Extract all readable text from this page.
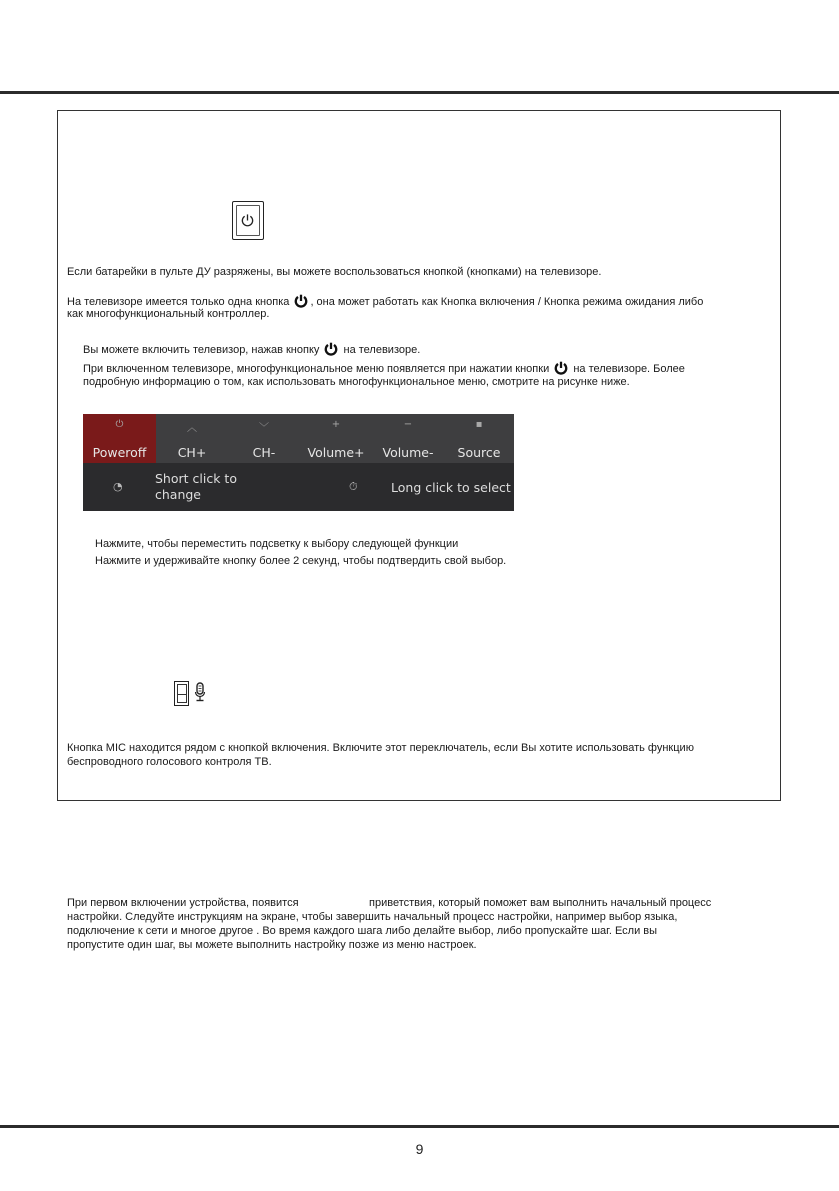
Если батарейки в пульте ДУ разряжены, вы можете воспользоваться кнопкой (кнопками) на телевизоре.
На телевизоре имеется только одна кнопка , она может работать как Кнопка включения / Кнопка режима ожидания либо
как многофункциональный контроллер.
Вы можете включить телевизор, нажав кнопку на телевизоре.
При включенном телевизоре, многофункциональное меню появляется при нажатии кнопки на телевизоре. Более
подробную информацию о том, как использовать многофункциональное меню, смотрите на рисунке ниже.
⏻
Poweroff
︿
CH+
﹀
CH-
+
Volume+
−
Volume-
▪
Source
◔
Short click to
change
⏱	Long click to select
Нажмите, чтобы переместить подсветку к выбору следующей функции
Нажмите и удерживайте кнопку более 2 секунд, чтобы подтвердить свой выбор.
Кнопка MIC находится рядом с кнопкой включения. Включите этот переключатель, если Вы хотите использовать функцию
беспроводного голосового контроля ТВ.
При первом включении устройства, появится	приветствия, который поможет вам выполнить начальный процесс
настройки. Следуйте инструкциям на экране, чтобы завершить начальный процесс настройки, например выбор языка,
подключение к сети и многое другое . Во время каждого шага либо делайте выбор, либо пропускайте шаг. Если вы
пропустите один шаг, вы можете выполнить настройку позже из меню настроек.
9
